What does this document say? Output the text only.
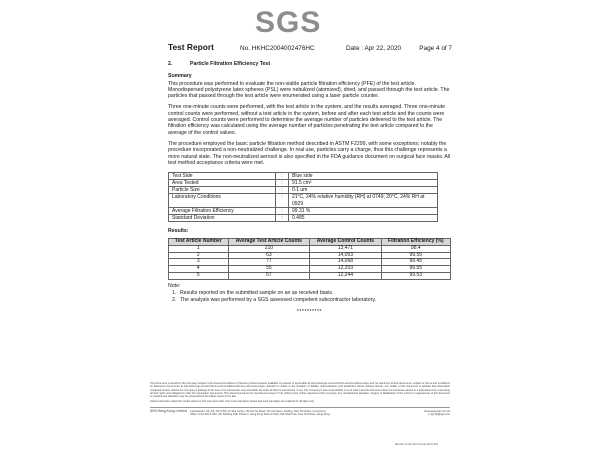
SGS
Test Report	No. HKHC2004002476HC	Date : Apr 22, 2020	Page 4 of 7
2.	Particle Filtration Efficiency Test
Summary
This procedure was performed to evaluate the non-viable particle filtration efficiency (PFE) of the test article. Monodispersed polystyrene latex spheres (PSL) were nebulized (atomized), dried, and passed through the test article. The particles that passed through the test article were enumerated using a laser particle counter.
Three one-minute counts were performed, with the test article in the system, and the results averaged. Three one-minute control counts were performed, without a test article in the system, before and after each test article and the counts were averaged. Control counts were performed to determine the average number of particles delivered to the test article. The filtration efficiency was calculated using the average number of particles penetrating the test article compared to the average of the control values.
The procedure employed the basic particle filtration method described in ASTM F2299, with some exceptions; notably the procedure incorporated a non-neutralized challenge. In real use, particles carry a charge, thus this challenge represents a more natural state. The non-neutralized aerosol is also specified in the FDA guidance document on surgical face masks. All test method acceptance criteria were met.
Test Side	:	Blue side
Area Tested	:	91.5 cm²
Particle Size	:	0.1 um
Laboratory Conditions	:	21°C, 24% relative humidity (RH) at 0749; 20°C, 24% RH at 0929
Average Filtration Efficiency	:	99.31 %
Standard Deviation	:	0.485
Results:
Test Article Number	Average Test Article Counts	Average Control Counts	Filtration Efficiency (%)
1	210	13,471	98.4
2	63	14,053	99.55
3	77	14,068	99.45
4	55	12,203	99.55
5	57	12,244	99.53
Note:
1. Results reported on the submitted sample on an as received basis.
2. The analysis was performed by a SGS assessed competent subcontractor laboratory.
**********
This document is issued by the Company subject to its General Conditions of Service printed overleaf, available on request or accessible at http://www.sgs.com/en/Terms-and-Conditions.aspx and, for electronic format documents, subject to Terms and Conditions for Electronic Documents at http://www.sgs.com/en/Terms-and-Conditions/Terms-e-Document.aspx. Attention is drawn to the limitation of liability, indemnification and jurisdiction issues defined therein. Any holder of this document is advised that information contained hereon reflects the Company's findings at the time of its intervention only and within the limits of Client's instructions, if any. The Company's sole responsibility is to its Client and this document does not exonerate parties to a transaction from exercising all their rights and obligations under the transaction documents. This document cannot be reproduced except in full, without prior written approval of the Company. Any unauthorized alteration, forgery or falsification of the content or appearance of this document is unlawful and offenders may be prosecuted to the fullest extent of the law.
Unless otherwise stated the results shown in this test report refer only to the sample(s) tested and such sample(s) are retained for 30 days only.
SGS Hong Kong Limited	Laboratories: 1/F, 2/F, 4/F & 5/F, On Wui Centre, 25 Lok Yip Road, On Lok Tsuen, Fanling, New Territories, Hong Kong
Office: Units 302 & 303, 3/F, Building 22E, Phase 3, Hong Kong Science Park, Pak Shek Kok, New Territories, Hong Kong
www.sgsgroup.com.hk
e sgs.hk@sgs.com
Member of the SGS Group (SGS SA)
